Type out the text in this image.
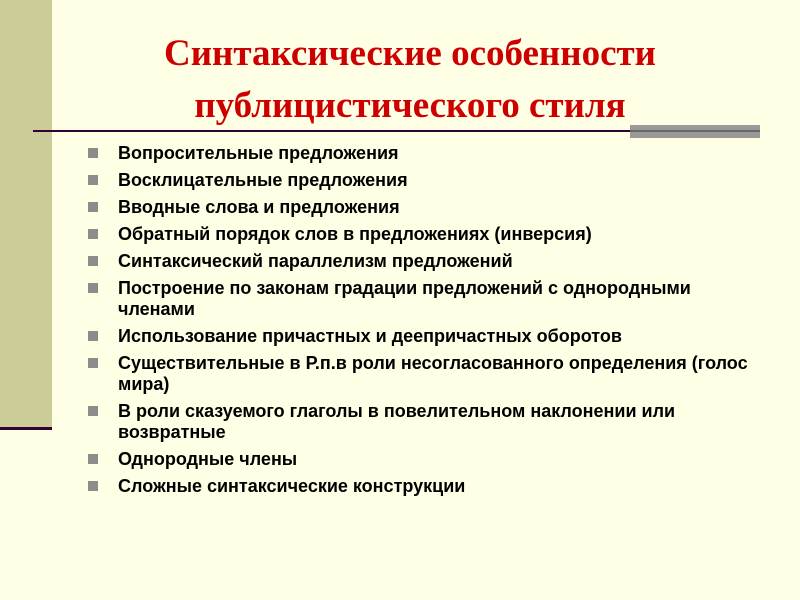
Синтаксические особенности
публицистического стиля
Вопросительные предложения
Восклицательные предложения
Вводные слова и предложения
Обратный порядок слов в предложениях (инверсия)
Синтаксический параллелизм предложений
Построение по законам градации предложений с однородными членами
Использование причастных и деепричастных оборотов
Существительные в Р.п.в роли несогласованного определения (голос мира)
В роли сказуемого глаголы в повелительном наклонении или возвратные
Однородные члены
Сложные синтаксические конструкции
